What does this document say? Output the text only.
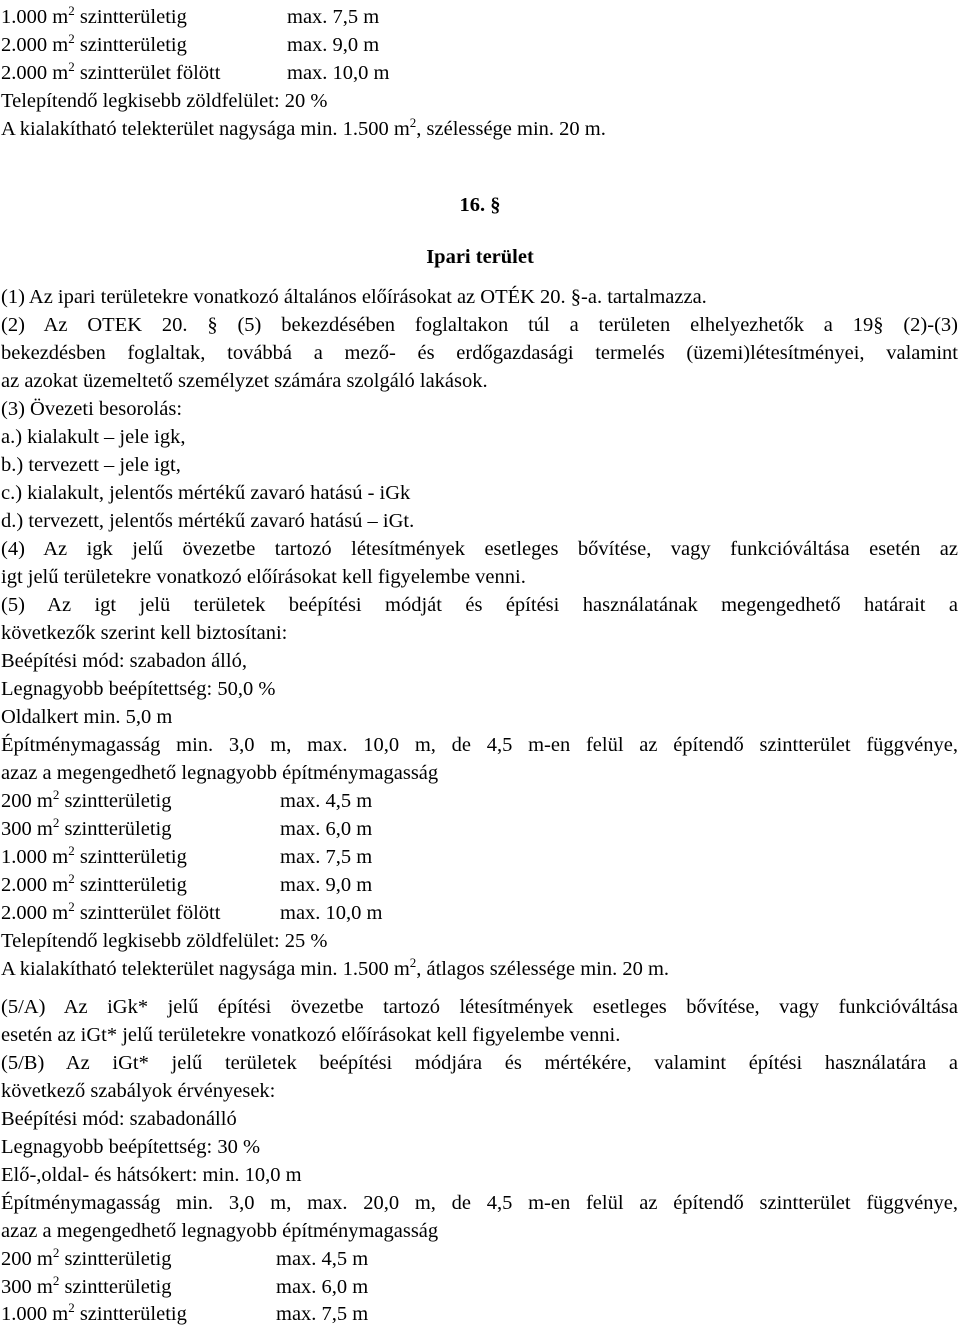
1.000 $m^2$ szintterületig	max. 7,5 m
2.000 $m^2$ szintterületig	max. 9,0 m
2.000 $m^2$ szintterület fölött	max. 10,0 m
Telepítendő legkisebb zöldfelület: 20 %
A kialakítható telekterület nagysága min. 1.500 $m^2$, szélessége min. 20 m.
16. §
Ipari terület
(1) Az ipari területekre vonatkozó általános előírásokat az OTÉK 20. §-a. tartalmazza.
(2) Az OTEK 20. § (5) bekezdésében foglaltakon túl a területen elhelyezhetők a 19§ (2)-(3)
bekezdésben foglaltak, továbbá a mező- és erdőgazdasági termelés (üzemi)létesítményei, valamint
az azokat üzemeltető személyzet számára szolgáló lakások.
(3) Övezeti besorolás:
a.) kialakult – jele igk,
b.) tervezett – jele igt,
c.) kialakult, jelentős mértékű zavaró hatású - iGk
d.) tervezett, jelentős mértékű zavaró hatású – iGt.
(4) Az igk jelű övezetbe tartozó létesítmények esetleges bővítése, vagy funkcióváltása esetén az
igt jelű területekre vonatkozó előírásokat kell figyelembe venni.
(5) Az igt jelü területek beépítési módját és építési használatának megengedhető határait a
következők szerint kell biztosítani:
Beépítési mód: szabadon álló,
Legnagyobb beépítettség: 50,0 %
Oldalkert min. 5,0 m
Építménymagasság min. 3,0 m, max. 10,0 m, de 4,5 m-en felül az építendő szintterület függvénye,
azaz a megengedhető legnagyobb építménymagasság
200 $m^2$ szintterületig	max. 4,5 m
300 $m^2$ szintterületig	max. 6,0 m
1.000 $m^2$ szintterületig	max. 7,5 m
2.000 $m^2$ szintterületig	max. 9,0 m
2.000 $m^2$ szintterület fölött	max. 10,0 m
Telepítendő legkisebb zöldfelület: 25 %
A kialakítható telekterület nagysága min. 1.500 $m^2$, átlagos szélessége min. 20 m.
(5/A) Az iGk* jelű építési övezetbe tartozó létesítmények esetleges bővítése, vagy funkcióváltása
esetén az iGt* jelű területekre vonatkozó előírásokat kell figyelembe venni.
(5/B) Az iGt* jelű területek beépítési módjára és mértékére, valamint építési használatára a
következő szabályok érvényesek:
Beépítési mód: szabadonálló
Legnagyobb beépítettség: 30 %
Elő-,oldal- és hátsókert: min. 10,0 m
Építménymagasság min. 3,0 m, max. 20,0 m, de 4,5 m-en felül az építendő szintterület függvénye,
azaz a megengedhető legnagyobb építménymagasság
200 $m^2$ szintterületig	max. 4,5 m
300 $m^2$ szintterületig	max. 6,0 m
1.000 $m^2$ szintterületig	max. 7,5 m
